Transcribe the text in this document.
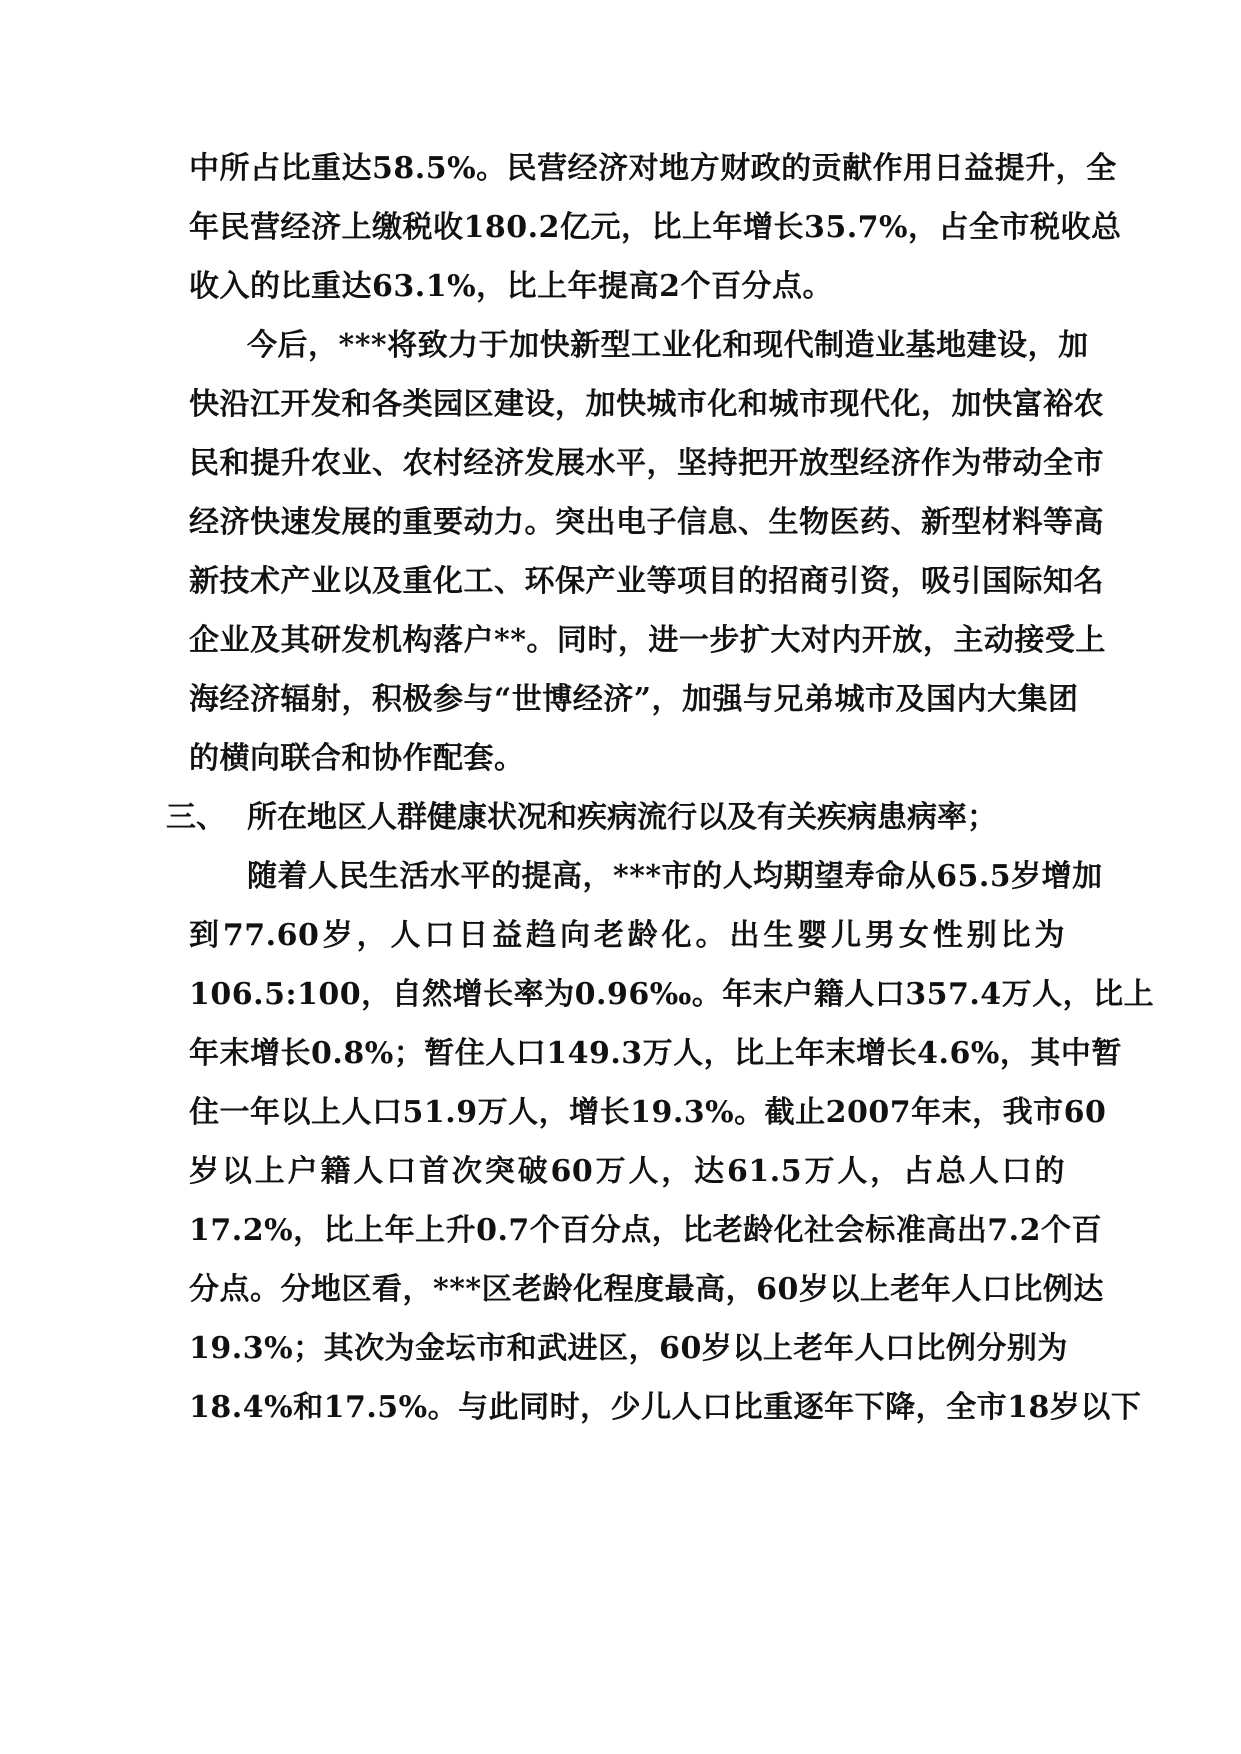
中所占比重达58.5%。民营经济对地方财政的贡献作用日益提升，全
年民营经济上缴税收180.2亿元，比上年增长35.7%，占全市税收总
收入的比重达63.1%，比上年提高2个百分点。
今后，***将致力于加快新型工业化和现代制造业基地建设，加
快沿江开发和各类园区建设，加快城市化和城市现代化，加快富裕农
民和提升农业、农村经济发展水平，坚持把开放型经济作为带动全市
经济快速发展的重要动力。突出电子信息、生物医药、新型材料等高
新技术产业以及重化工、环保产业等项目的招商引资，吸引国际知名
企业及其研发机构落户**。同时，进一步扩大对内开放，主动接受上
海经济辐射，积极参与“世博经济”，加强与兄弟城市及国内大集团
的横向联合和协作配套。
三、 所在地区人群健康状况和疾病流行以及有关疾病患病率；
随着人民生活水平的提高，***市的人均期望寿命从65.5岁增加
到77.60岁，人口日益趋向老龄化。出生婴儿男女性别比为
106.5:100，自然增长率为0.96‰。年末户籍人口357.4万人，比上
年末增长0.8%；暂住人口149.3万人，比上年末增长4.6%，其中暂
住一年以上人口51.9万人，增长19.3%。截止2007年末，我市60
岁以上户籍人口首次突破60万人，达61.5万人，占总人口的
17.2%，比上年上升0.7个百分点，比老龄化社会标准高出7.2个百
分点。分地区看，***区老龄化程度最高，60岁以上老年人口比例达
19.3%；其次为金坛市和武进区，60岁以上老年人口比例分别为
18.4%和17.5%。与此同时，少儿人口比重逐年下降，全市18岁以下
